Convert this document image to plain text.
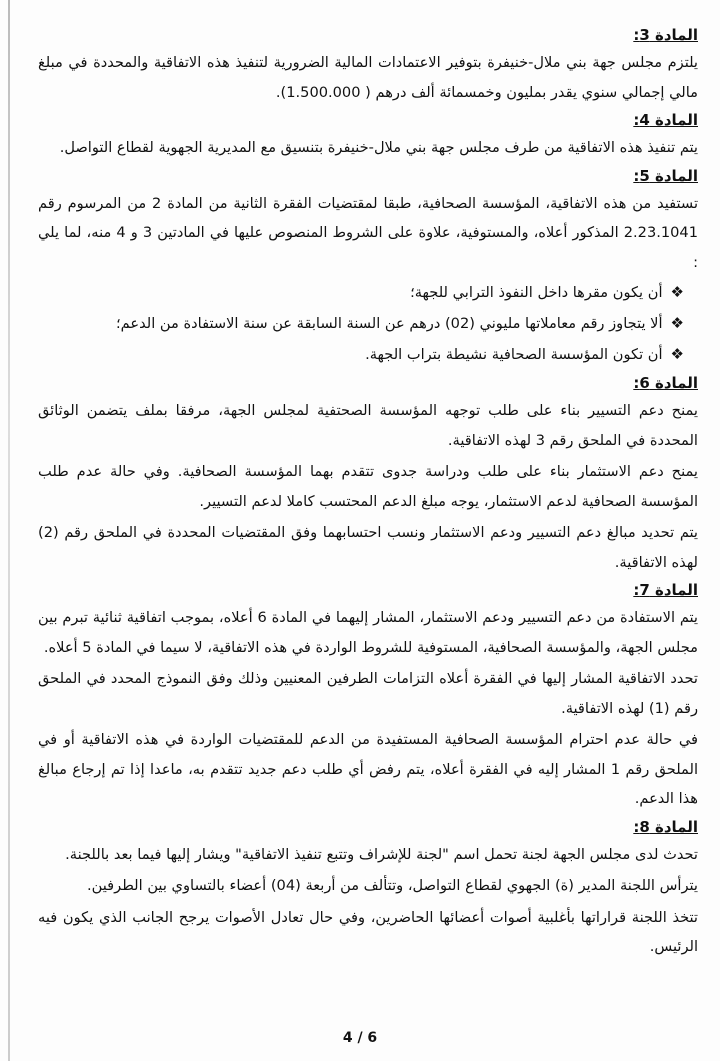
المادة 3:

يلتزم مجلس جهة بني ملال-خنيفرة بتوفير الاعتمادات المالية الضرورية لتنفيذ هذه الاتفاقية والمحددة في مبلغ مالي إجمالي سنوي يقدر بمليون وخمسمائة ألف درهم ( 1.500.000).

المادة 4:

يتم تنفيذ هذه الاتفاقية من طرف مجلس جهة بني ملال-خنيفرة بتنسيق مع المديرية الجهوية لقطاع التواصل.

المادة 5:

تستفيد من هذه الاتفاقية، المؤسسة الصحافية، طبقا لمقتضيات الفقرة الثانية من المادة 2 من المرسوم رقم 2.23.1041 المذكور أعلاه، والمستوفية، علاوة على الشروط المنصوص عليها في المادتين 3 و 4 منه، لما يلي :

❖أن يكون مقرها داخل النفوذ الترابي للجهة؛
❖ألا يتجاوز رقم معاملاتها مليوني (02) درهم عن السنة السابقة عن سنة الاستفادة من الدعم؛
❖أن تكون المؤسسة الصحافية نشيطة بتراب الجهة.
المادة 6:

يمنح دعم التسيير بناء على طلب توجهه المؤسسة الصحتفية لمجلس الجهة، مرفقا بملف يتضمن الوثائق المحددة في الملحق رقم 3 لهذه الاتفاقية.

يمنح دعم الاستثمار بناء على طلب ودراسة جدوى تتقدم بهما المؤسسة الصحافية. وفي حالة عدم طلب المؤسسة الصحافية لدعم الاستثمار، يوجه مبلغ الدعم المحتسب كاملا لدعم التسيير.

يتم تحديد مبالغ دعم التسيير ودعم الاستثمار ونسب احتسابهما وفق المقتضيات المحددة في الملحق رقم (2) لهذه الاتفاقية.

المادة 7:

يتم الاستفادة من دعم التسيير ودعم الاستثمار، المشار إليهما في المادة 6 أعلاه، بموجب اتفاقية ثنائية تبرم بين مجلس الجهة، والمؤسسة الصحافية، المستوفية للشروط الواردة في هذه الاتفاقية، لا سيما في المادة 5 أعلاه.

تحدد الاتفاقية المشار إليها في الفقرة أعلاه التزامات الطرفين المعنيين وذلك وفق النموذج المحدد في الملحق رقم (1) لهذه الاتفاقية.

في حالة عدم احترام المؤسسة الصحافية المستفيدة من الدعم للمقتضيات الواردة في هذه الاتفاقية أو في الملحق رقم 1 المشار إليه في الفقرة أعلاه، يتم رفض أي طلب دعم جديد تتقدم به، ماعدا إذا تم إرجاع مبالغ هذا الدعم.

المادة 8:

تحدث لدى مجلس الجهة لجنة تحمل اسم "لجنة للإشراف وتتبع تنفيذ الاتفاقية" ويشار إليها فيما بعد باللجنة.

يترأس اللجنة المدير (ة) الجهوي لقطاع التواصل، وتتألف من أربعة (04) أعضاء بالتساوي بين الطرفين.

تتخذ اللجنة قراراتها بأغلبية أصوات أعضائها الحاضرين، وفي حال تعادل الأصوات يرجح الجانب الذي يكون فيه الرئيس.

4 / 6
